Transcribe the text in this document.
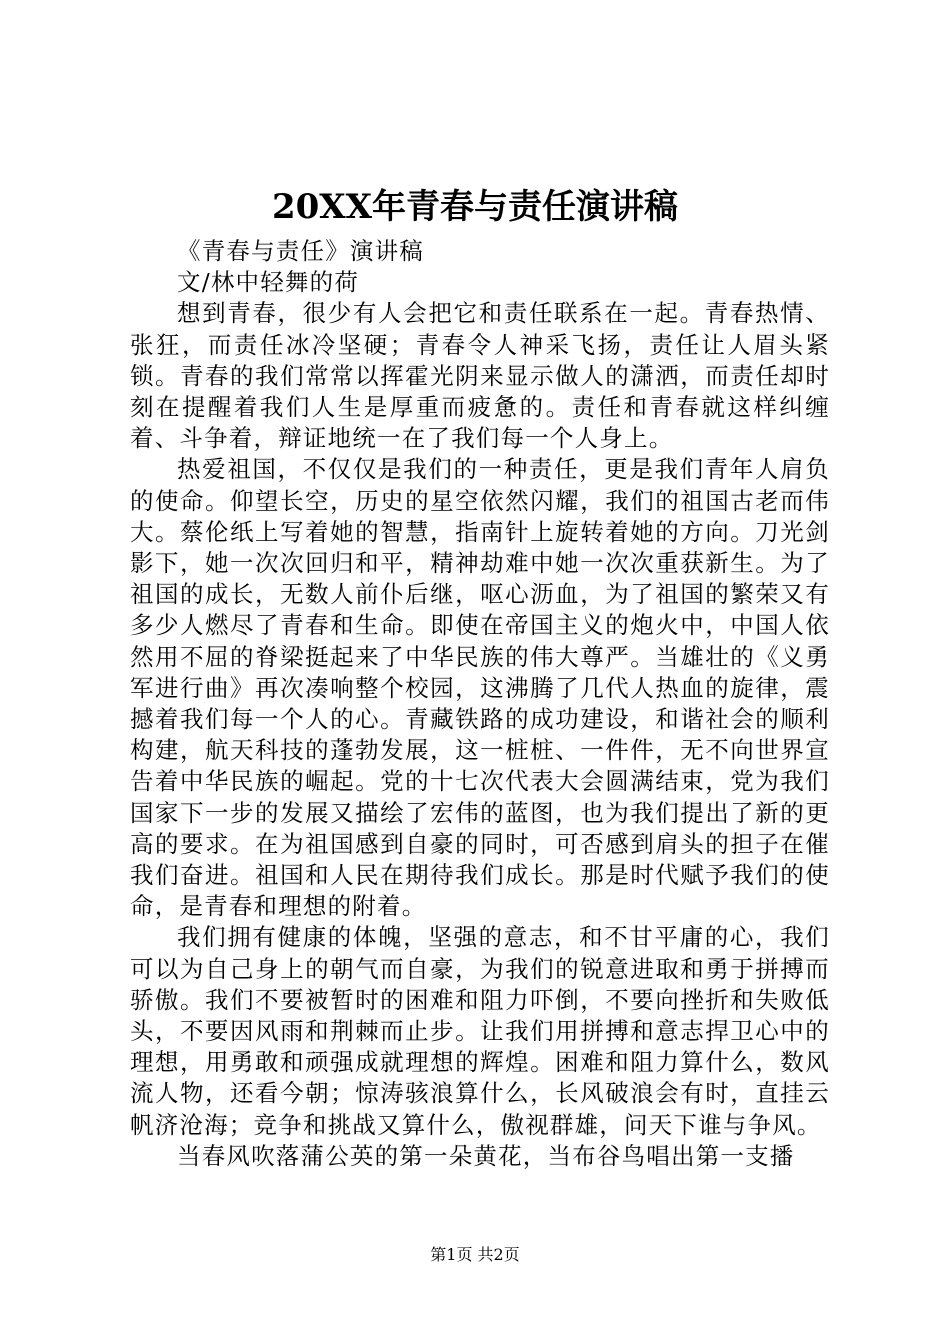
20XX年青春与责任演讲稿

《青春与责任》演讲稿

文/林中轻舞的荷

想到青春，很少有人会把它和责任联系在一起。青春热情、张狂，而责任冰冷坚硬；青春令人神采飞扬，责任让人眉头紧锁。青春的我们常常以挥霍光阴来显示做人的潇洒，而责任却时刻在提醒着我们人生是厚重而疲惫的。责任和青春就这样纠缠着、斗争着，辩证地统一在了我们每一个人身上。

热爱祖国，不仅仅是我们的一种责任，更是我们青年人肩负的使命。仰望长空，历史的星空依然闪耀，我们的祖国古老而伟大。蔡伦纸上写着她的智慧，指南针上旋转着她的方向。刀光剑影下，她一次次回归和平，精神劫难中她一次次重获新生。为了祖国的成长，无数人前仆后继，呕心沥血，为了祖国的繁荣又有多少人燃尽了青春和生命。即使在帝国主义的炮火中，中国人依然用不屈的脊梁挺起来了中华民族的伟大尊严。当雄壮的《义勇军进行曲》再次凑响整个校园，这沸腾了几代人热血的旋律，震撼着我们每一个人的心。青藏铁路的成功建设，和谐社会的顺利构建，航天科技的蓬勃发展，这一桩桩、一件件，无不向世界宣告着中华民族的崛起。党的十七次代表大会圆满结束，党为我们国家下一步的发展又描绘了宏伟的蓝图，也为我们提出了新的更高的要求。在为祖国感到自豪的同时，可否感到肩头的担子在催我们奋进。祖国和人民在期待我们成长。那是时代赋予我们的使命，是青春和理想的附着。

我们拥有健康的体魄，坚强的意志，和不甘平庸的心，我们可以为自己身上的朝气而自豪，为我们的锐意进取和勇于拼搏而骄傲。我们不要被暂时的困难和阻力吓倒，不要向挫折和失败低头，不要因风雨和荆棘而止步。让我们用拼搏和意志捍卫心中的理想，用勇敢和顽强成就理想的辉煌。困难和阻力算什么，数风流人物，还看今朝；惊涛骇浪算什么，长风破浪会有时，直挂云帆济沧海；竞争和挑战又算什么，傲视群雄，问天下谁与争风。

当春风吹落蒲公英的第一朵黄花，当布谷鸟唱出第一支播

第1页 共2页
